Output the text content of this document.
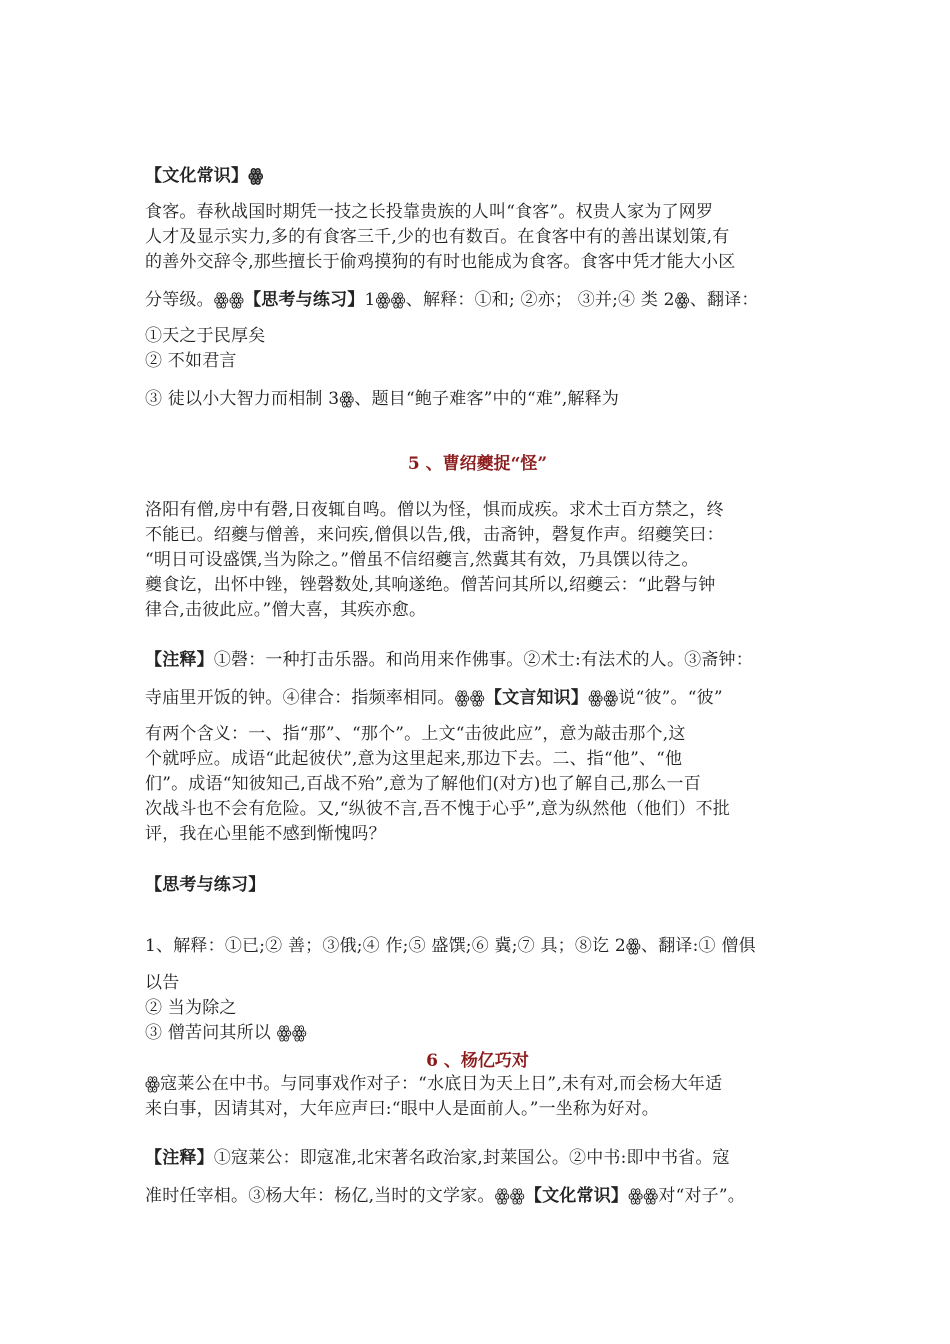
【文化常识】ꙮ
食客。春秋战国时期凭一技之长投靠贵族的人叫“食客”。权贵人家为了网罗
人才及显示实力,多的有食客三千,少的也有数百。在食客中有的善出谋划策,有
的善外交辞令,那些擅长于偷鸡摸狗的有时也能成为食客。食客中凭才能大小区
分等级。ꙮꙮ【思考与练习】1ꙮꙮ、解释：①和; ②亦； ③并;④ 类 2ꙮ、翻译：
①天之于民厚矣
② 不如君言
③ 徒以小大智力而相制 3ꙮ、题目“鲍子难客”中的“难”,解释为
5 、曹绍夔捉“怪”
洛阳有僧,房中有磬,日夜辄自鸣。僧以为怪，惧而成疾。求术士百方禁之，终
不能已。绍夔与僧善，来问疾,僧俱以告,俄，击斋钟，磬复作声。绍夔笑曰：
“明日可设盛馔,当为除之。”僧虽不信绍夔言,然冀其有效，乃具馔以待之。
夔食讫，出怀中锉，锉磬数处,其响遂绝。僧苦问其所以,绍夔云：“此磬与钟
律合,击彼此应。”僧大喜，其疾亦愈。
【注释】①磬：一种打击乐器。和尚用来作佛事。②术士:有法术的人。③斋钟：
寺庙里开饭的钟。④律合：指频率相同。ꙮꙮ【文言知识】ꙮꙮ说“彼”。“彼”
有两个含义：一、指“那”、“那个”。上文“击彼此应”，意为敲击那个,这
个就呼应。成语“此起彼伏”,意为这里起来,那边下去。二、指“他”、“他
们”。成语“知彼知己,百战不殆”,意为了解他们(对方)也了解自己,那么一百
次战斗也不会有危险。又,“纵彼不言,吾不愧于心乎”,意为纵然他（他们）不批
评，我在心里能不感到惭愧吗？
【思考与练习】
1、解释：①已;② 善；③俄;④ 作;⑤ 盛馔;⑥ 冀;⑦ 具；⑧讫 2ꙮ、翻译:① 僧俱
以告
② 当为除之
③ 僧苦问其所以 ꙮꙮ
6 、杨亿巧对
ꙮ寇莱公在中书。与同事戏作对子：“水底日为天上日”,未有对,而会杨大年适
来白事，因请其对，大年应声曰:“眼中人是面前人。”一坐称为好对。
【注释】①寇莱公：即寇准,北宋著名政治家,封莱国公。②中书:即中书省。寇
准时任宰相。③杨大年：杨亿,当时的文学家。ꙮꙮ【文化常识】ꙮꙮ对“对子”。
